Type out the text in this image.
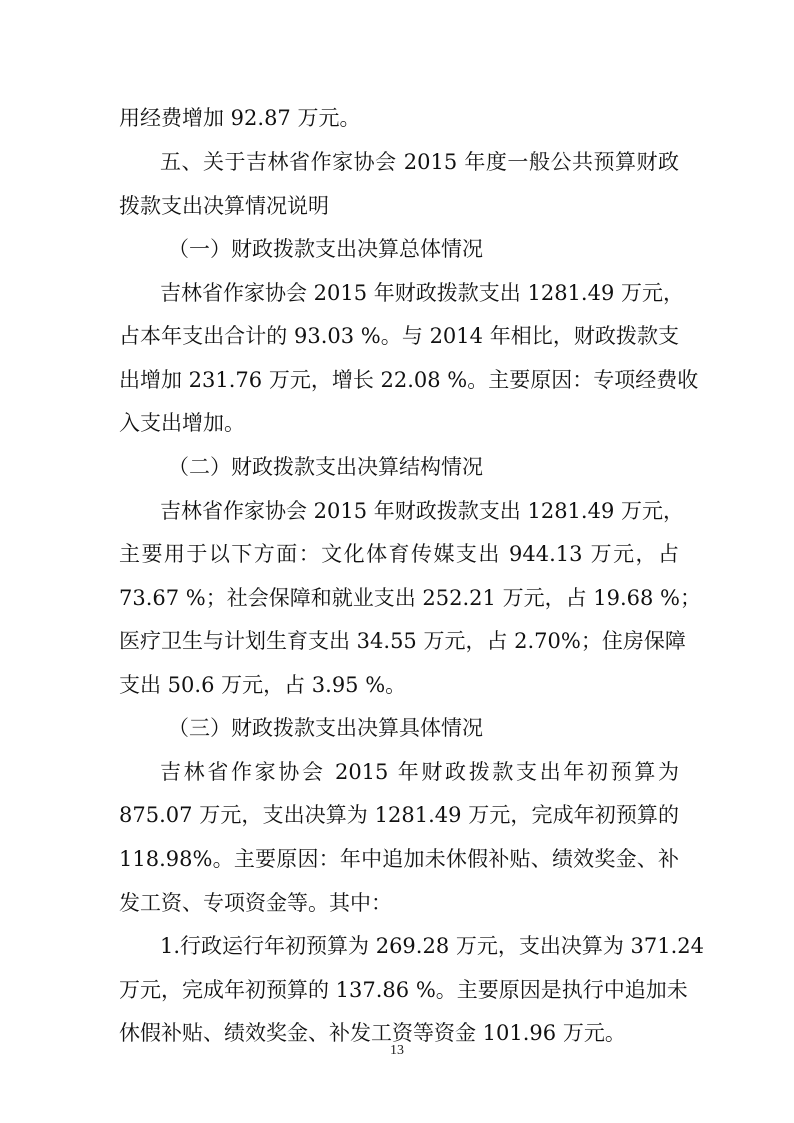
用经费增加 92.87 万元。
五、关于吉林省作家协会 2015 年度一般公共预算财政
拨款支出决算情况说明
（一）财政拨款支出决算总体情况
吉林省作家协会 2015 年财政拨款支出 1281.49 万元，
占本年支出合计的 93.03 %。与 2014 年相比，财政拨款支
出增加 231.76 万元，增长 22.08 %。主要原因：专项经费收
入支出增加。
（二）财政拨款支出决算结构情况
吉林省作家协会 2015 年财政拨款支出 1281.49 万元，
主要用于以下方面：文化体育传媒支出 944.13 万元，占
73.67 %；社会保障和就业支出 252.21 万元，占 19.68 %；
医疗卫生与计划生育支出 34.55 万元，占 2.70%；住房保障
支出 50.6 万元，占 3.95 %。
（三）财政拨款支出决算具体情况
吉林省作家协会 2015 年财政拨款支出年初预算为
875.07 万元，支出决算为 1281.49 万元，完成年初预算的
118.98%。主要原因：年中追加未休假补贴、绩效奖金、补
发工资、专项资金等。其中：
1.行政运行年初预算为 269.28 万元，支出决算为 371.24
万元，完成年初预算的 137.86 %。主要原因是执行中追加未
休假补贴、绩效奖金、补发工资等资金 101.96 万元。
13
